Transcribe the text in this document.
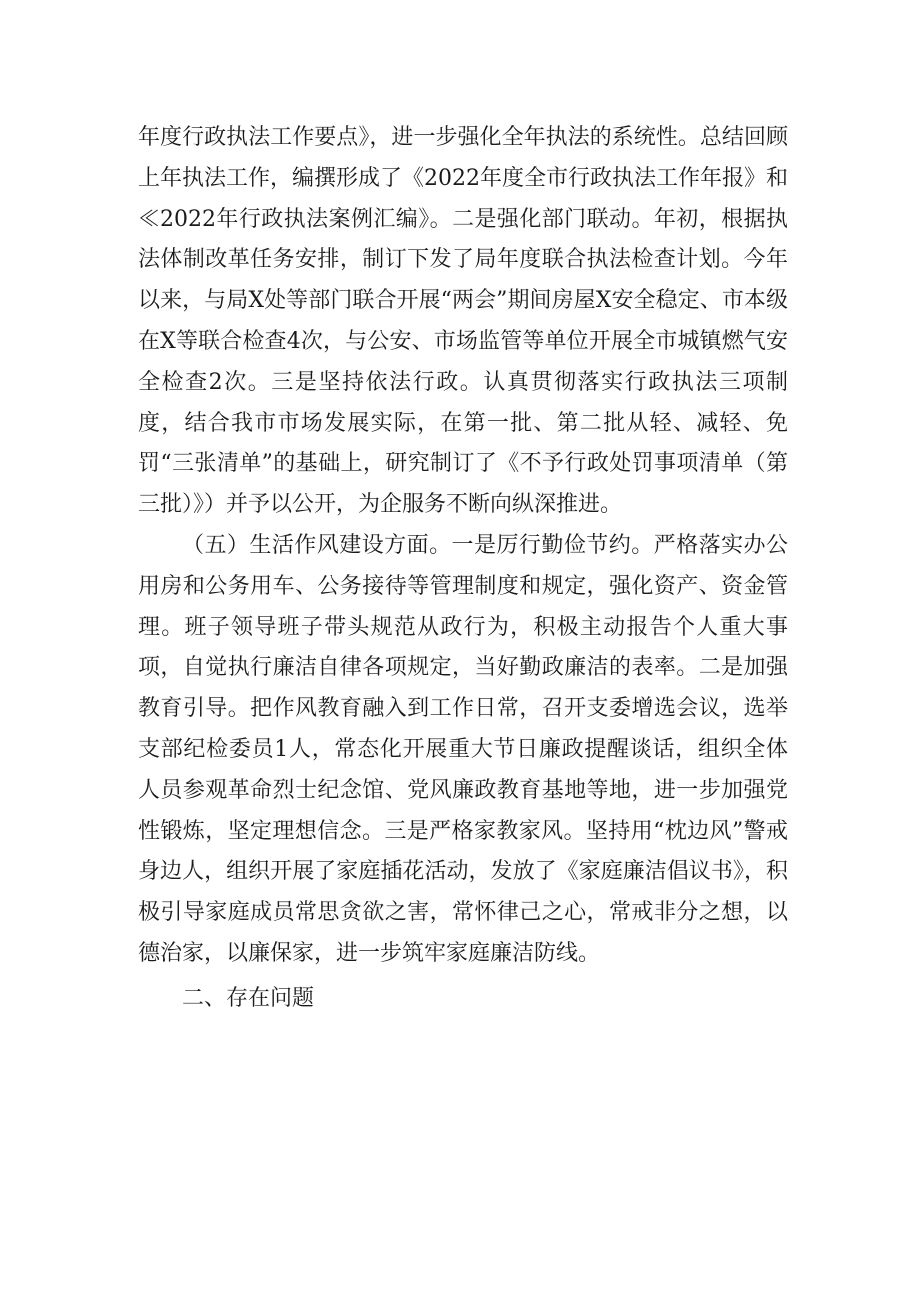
年度行政执法工作要点》，进一步强化全年执法的系统性。总结回顾上年执法工作，编撰形成了《2022年度全市行政执法工作年报》和≪2022年行政执法案例汇编》。二是强化部门联动。年初，根据执法体制改革任务安排，制订下发了局年度联合执法检查计划。今年以来，与局X处等部门联合开展“两会”期间房屋X安全稳定、市本级在X等联合检查4次，与公安、市场监管等单位开展全市城镇燃气安全检查2次。三是坚持依法行政。认真贯彻落实行政执法三项制度，结合我市市场发展实际，在第一批、第二批从轻、减轻、免罚“三张清单”的基础上，研究制订了《不予行政处罚事项清单（第三批）》）并予以公开，为企服务不断向纵深推进。

（五）生活作风建设方面。一是厉行勤俭节约。严格落实办公用房和公务用车、公务接待等管理制度和规定，强化资产、资金管理。班子领导班子带头规范从政行为，积极主动报告个人重大事项，自觉执行廉洁自律各项规定，当好勤政廉洁的表率。二是加强教育引导。把作风教育融入到工作日常，召开支委增选会议，选举支部纪检委员1人，常态化开展重大节日廉政提醒谈话，组织全体人员参观革命烈士纪念馆、党风廉政教育基地等地，进一步加强党性锻炼，坚定理想信念。三是严格家教家风。坚持用“枕边风”警戒身边人，组织开展了家庭插花活动，发放了《家庭廉洁倡议书》，积极引导家庭成员常思贪欲之害，常怀律己之心，常戒非分之想，以德治家，以廉保家，进一步筑牢家庭廉洁防线。

二、存在问题
